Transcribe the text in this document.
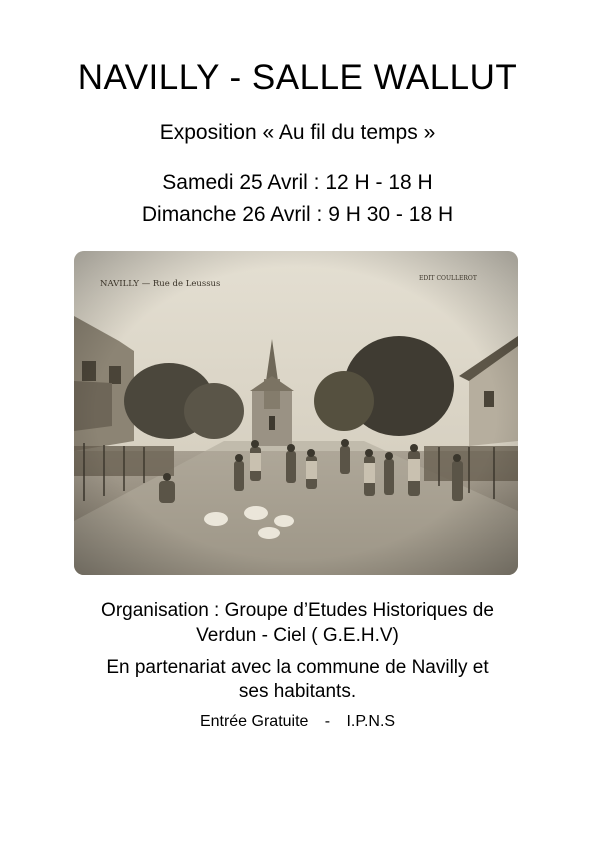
NAVILLY - SALLE WALLUT
Exposition « Au fil du temps »
Samedi 25 Avril : 12 H - 18 H
Dimanche 26 Avril : 9 H 30 - 18 H
NAVILLY — Rue de Leussus
EDIT COULLEROT
Organisation : Groupe d’Etudes Historiques de
Verdun - Ciel ( G.E.H.V)
En partenariat avec la commune de Navilly et
ses habitants.
Entrée Gratuite - I.P.N.S
